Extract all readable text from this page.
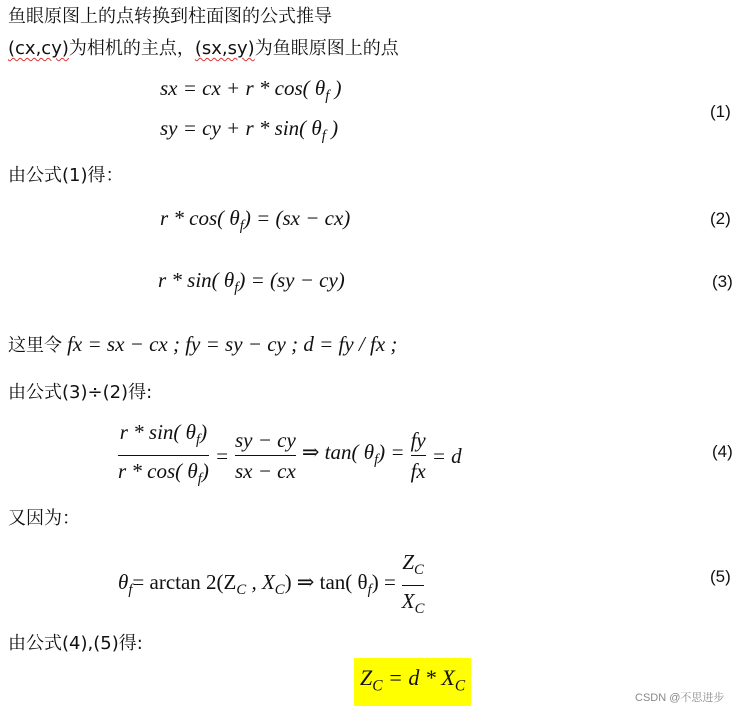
鱼眼原图上的点转换到柱面图的公式推导
(cx,cy)为相机的主点，(sx,sy)为鱼眼原图上的点
sx = cx + r * cos( $\theta_f$ )
sy = cy + r * sin( $\theta_f$ )
(1)
由公式(1)得：
r * cos( $\theta_f) = (sx - cx)$	(2)
r * sin( $\theta_f) = (sy - cy)$	(3)
这里令 fx = sx − cx ; fy = sy − cy ; d = fy / fx ;
由公式(3)÷(2)得:
$\frac{r * \sin( \theta_f)}{r * \cos( \theta_f)} = \frac{sy - cy}{sx - cx}$ ⇒ tan( $\theta_f) = \frac{fy}{fx} = d$	(4)
又因为：
$\theta_f = \arctan 2(Z_C$ , $X_C$ ) ⇒ tan( $\theta_f) = \frac{Z_C}{X_C}$	(5)
由公式(4),(5)得:
$Z_C = d * X_C$
CSDN @不思进步
